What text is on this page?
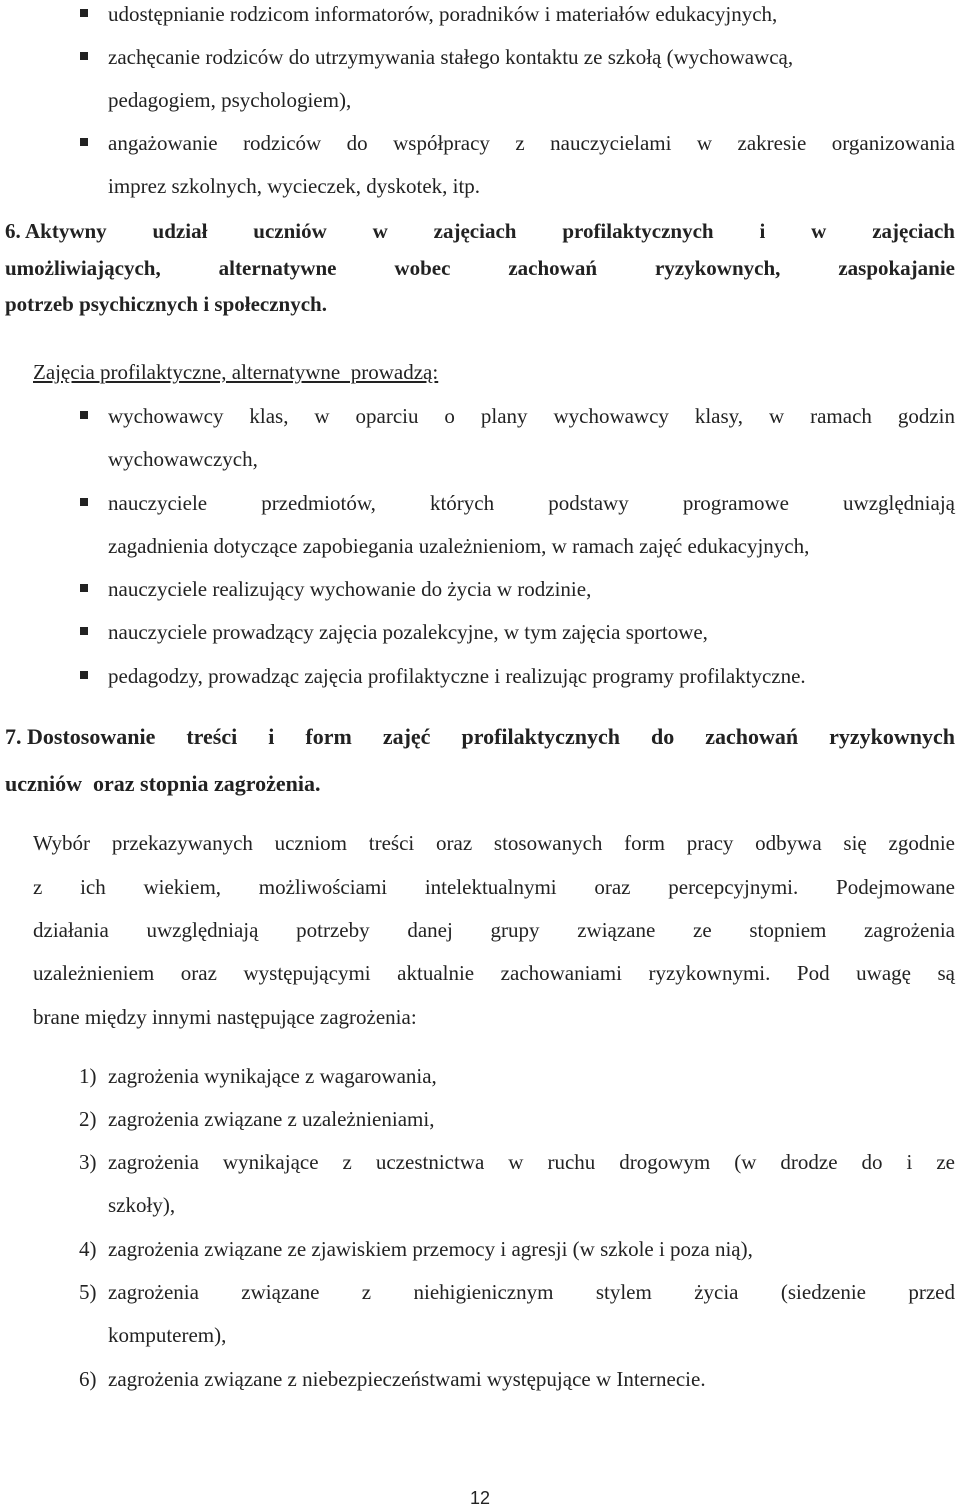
udostępnianie rodzicom informatorów, poradników i materiałów edukacyjnych,
zachęcanie rodziców do utrzymywania stałego kontaktu ze szkołą (wychowawcą,
pedagogiem, psychologiem),
angażowanie rodziców do współpracy z nauczycielami w zakresie organizowania
imprez szkolnych, wycieczek, dyskotek, itp.
6. Aktywny udział uczniów w zajęciach profilaktycznych i w zajęciach
umożliwiających, alternatywne wobec zachowań ryzykownych, zaspokajanie
potrzeb psychicznych i społecznych.
Zajęcia profilaktyczne, alternatywne  prowadzą:
wychowawcy klas, w oparciu o plany wychowawcy klasy, w ramach godzin
wychowawczych,
nauczyciele przedmiotów, których podstawy programowe uwzględniają
zagadnienia dotyczące zapobiegania uzależnieniom, w ramach zajęć edukacyjnych,
nauczyciele realizujący wychowanie do życia w rodzinie,
nauczyciele prowadzący zajęcia pozalekcyjne, w tym zajęcia sportowe,
pedagodzy, prowadząc zajęcia profilaktyczne i realizując programy profilaktyczne.
7. Dostosowanie treści i form zajęć profilaktycznych do zachowań ryzykownych
uczniów  oraz stopnia zagrożenia.
Wybór przekazywanych uczniom treści oraz stosowanych form pracy odbywa się zgodnie
z ich wiekiem, możliwościami intelektualnymi oraz percepcyjnymi. Podejmowane
działania uwzględniają potrzeby danej grupy związane ze stopniem zagrożenia
uzależnieniem oraz występującymi aktualnie zachowaniami ryzykownymi. Pod uwagę są
brane między innymi następujące zagrożenia:
1) zagrożenia wynikające z wagarowania,
2) zagrożenia związane z uzależnieniami,
3) zagrożenia wynikające z uczestnictwa w ruchu drogowym (w drodze do i ze
szkoły),
4) zagrożenia związane ze zjawiskiem przemocy i agresji (w szkole i poza nią),
5) zagrożenia związane z niehigienicznym stylem życia (siedzenie przed
komputerem),
6) zagrożenia związane z niebezpieczeństwami występujące w Internecie.
12
